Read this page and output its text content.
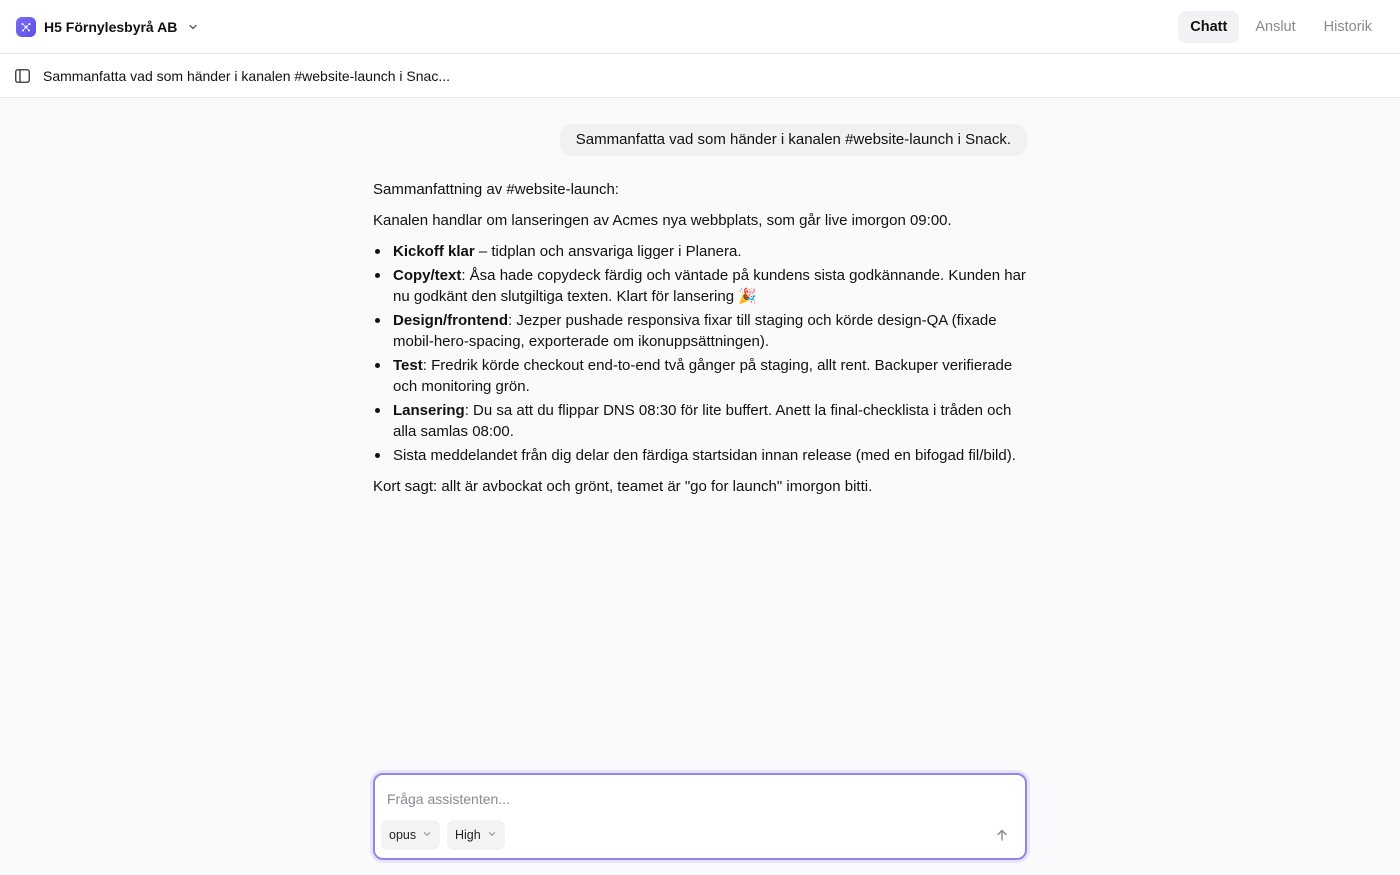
H5 Förnylesbyrå AB	Chatt	Anslut	Historik
Sammanfatta vad som händer i kanalen #website-launch i Snac...
Sammanfatta vad som händer i kanalen #website-launch i Snack.

Sammanfattning av #website-launch:

Kanalen handlar om lanseringen av Acmes nya webbplats, som går live imorgon 09:00.

Kickoff klar – tidplan och ansvariga ligger i Planera.
Copy/text: Åsa hade copydeck färdig och väntade på kundens sista godkännande. Kunden har nu godkänt den slutgiltiga texten. Klart för lansering 🎉
Design/frontend: Jezper pushade responsiva fixar till staging och körde design-QA (fixade mobil-hero-spacing, exporterade om ikonuppsättningen).
Test: Fredrik körde checkout end-to-end två gånger på staging, allt rent. Backuper verifierade och monitoring grön.
Lansering: Du sa att du flippar DNS 08:30 för lite buffert. Anett la final-checklista i tråden och alla samlas 08:00.
Sista meddelandet från dig delar den färdiga startsidan innan release (med en bifogad fil/bild).

Kort sagt: allt är avbockat och grönt, teamet är "go for launch" imorgon bitti.

Fråga assistenten...
opus	High
